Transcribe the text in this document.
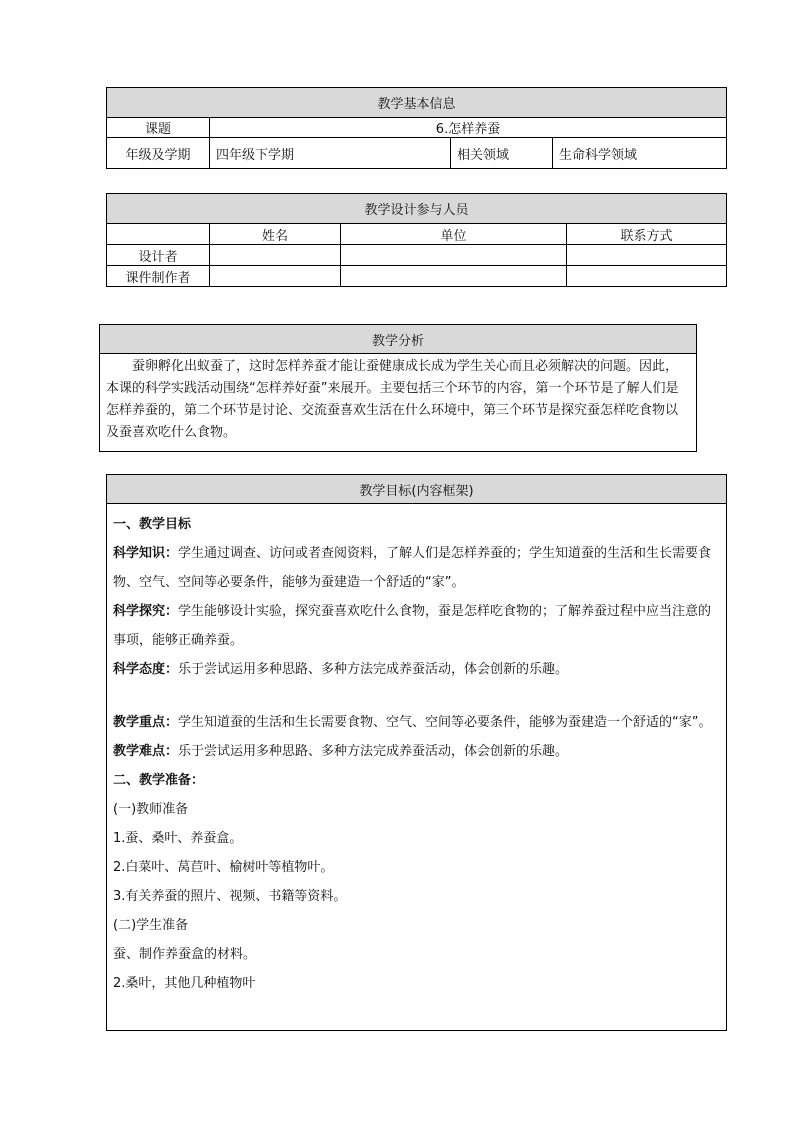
教学基本信息			
课题	6.怎样养蚕		
年级及学期	四年级下学期	相关领域	生命科学领域
教学设计参与人员			
	姓名	单位	联系方式
设计者			
课件制作者			
教学分析
蚕卵孵化出蚁蚕了，这时怎样养蚕才能让蚕健康成长成为学生关心而且必须解决的问题。因此，本课的科学实践活动围绕“怎样养好蚕”来展开。主要包括三个环节的内容，第一个环节是了解人们是怎样养蚕的，第二个环节是讨论、交流蚕喜欢生活在什么环境中，第三个环节是探究蚕怎样吃食物以及蚕喜欢吃什么食物。
教学目标(内容框架)

一、教学目标

科学知识：学生通过调查、访问或者查阅资料，了解人们是怎样养蚕的；学生知道蚕的生活和生长需要食物、空气、空间等必要条件，能够为蚕建造一个舒适的“家”。

科学探究：学生能够设计实验，探究蚕喜欢吃什么食物，蚕是怎样吃食物的；了解养蚕过程中应当注意的事项，能够正确养蚕。

科学态度：乐于尝试运用多种思路、多种方法完成养蚕活动，体会创新的乐趣。

教学重点：学生知道蚕的生活和生长需要食物、空气、空间等必要条件，能够为蚕建造一个舒适的“家”。

教学难点：乐于尝试运用多种思路、多种方法完成养蚕活动，体会创新的乐趣。

二、教学准备：

(一)教师准备

1.蚕、桑叶、养蚕盒。

2.白菜叶、莴苣叶、榆树叶等植物叶。

3.有关养蚕的照片、视频、书籍等资料。

(二)学生准备

蚕、制作养蚕盒的材料。

2.桑叶，其他几种植物叶
